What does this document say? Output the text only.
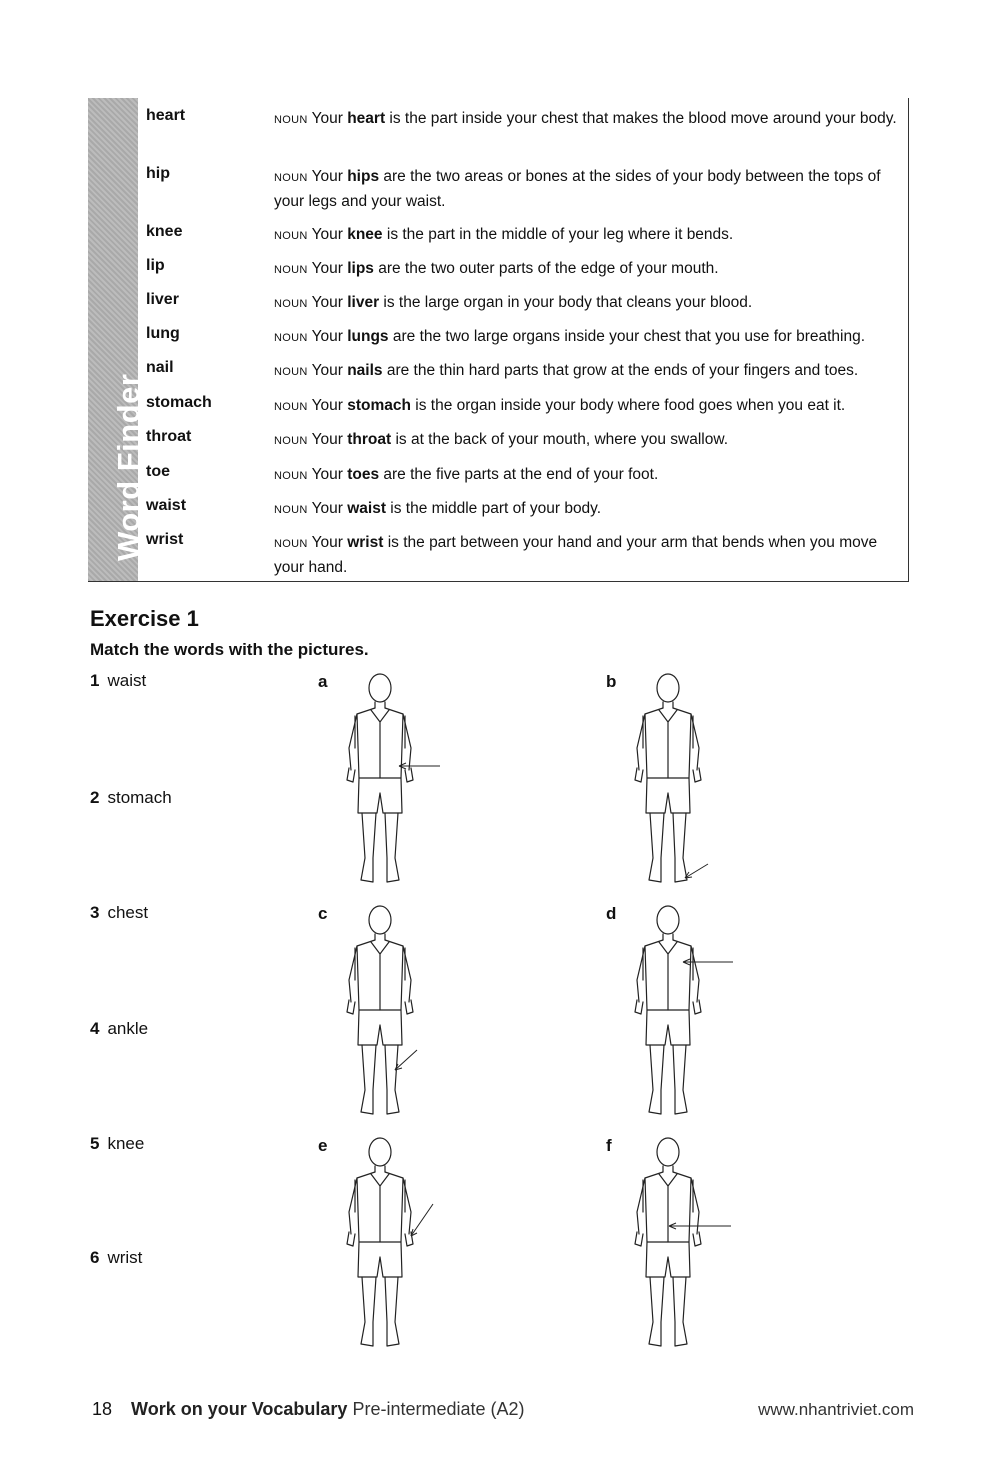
Word Finder
heart	NOUN Your heart is the part inside your chest that makes the blood move around your body.
hip	NOUN Your hips are the two areas or bones at the sides of your body between the tops of your legs and your waist.
knee	NOUN Your knee is the part in the middle of your leg where it bends.
lip	NOUN Your lips are the two outer parts of the edge of your mouth.
liver	NOUN Your liver is the large organ in your body that cleans your blood.
lung	NOUN Your lungs are the two large organs inside your chest that you use for breathing.
nail	NOUN Your nails are the thin hard parts that grow at the ends of your fingers and toes.
stomach	NOUN Your stomach is the organ inside your body where food goes when you eat it.
throat	NOUN Your throat is at the back of your mouth, where you swallow.
toe	NOUN Your toes are the five parts at the end of your foot.
waist	NOUN Your waist is the middle part of your body.
wrist	NOUN Your wrist is the part between your hand and your arm that bends when you move your hand.
Exercise 1
Match the words with the pictures.
1 waist
2 stomach
3 chest
4 ankle
5 knee
6 wrist
a	b
c	d
e	f
18 Work on your Vocabulary Pre-intermediate (A2)	www.nhantriviet.com
